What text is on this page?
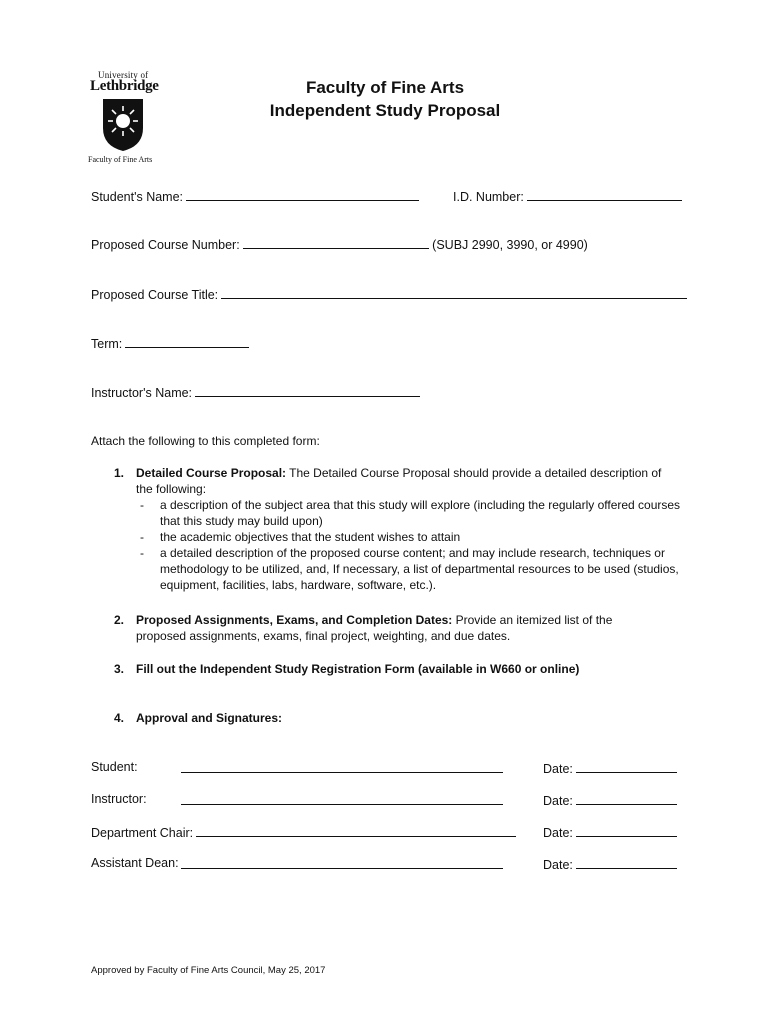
University of
Lethbridge
Faculty of Fine Arts
Faculty of Fine Arts
Independent Study Proposal
Student's Name:	I.D. Number:
Proposed Course Number:	(SUBJ 2990, 3990, or 4990)
Proposed Course Title:
Term:
Instructor's Name:
Attach the following to this completed form:
1. Detailed Course Proposal: The Detailed Course Proposal should provide a detailed description of the following:
- a description of the subject area that this study will explore (including the regularly offered courses that this study may build upon)
- the academic objectives that the student wishes to attain
- a detailed description of the proposed course content; and may include research, techniques or methodology to be utilized, and, If necessary, a list of departmental resources to be used (studios, equipment, facilities, labs, hardware, software, etc.).
2. Proposed Assignments, Exams, and Completion Dates: Provide an itemized list of the proposed assignments, exams, final project, weighting, and due dates.
3. Fill out the Independent Study Registration Form (available in W660 or online)
4. Approval and Signatures:
Student:	Date:
Instructor:	Date:
Department Chair:	Date:
Assistant Dean:	Date:
Approved by Faculty of Fine Arts Council, May 25, 2017
